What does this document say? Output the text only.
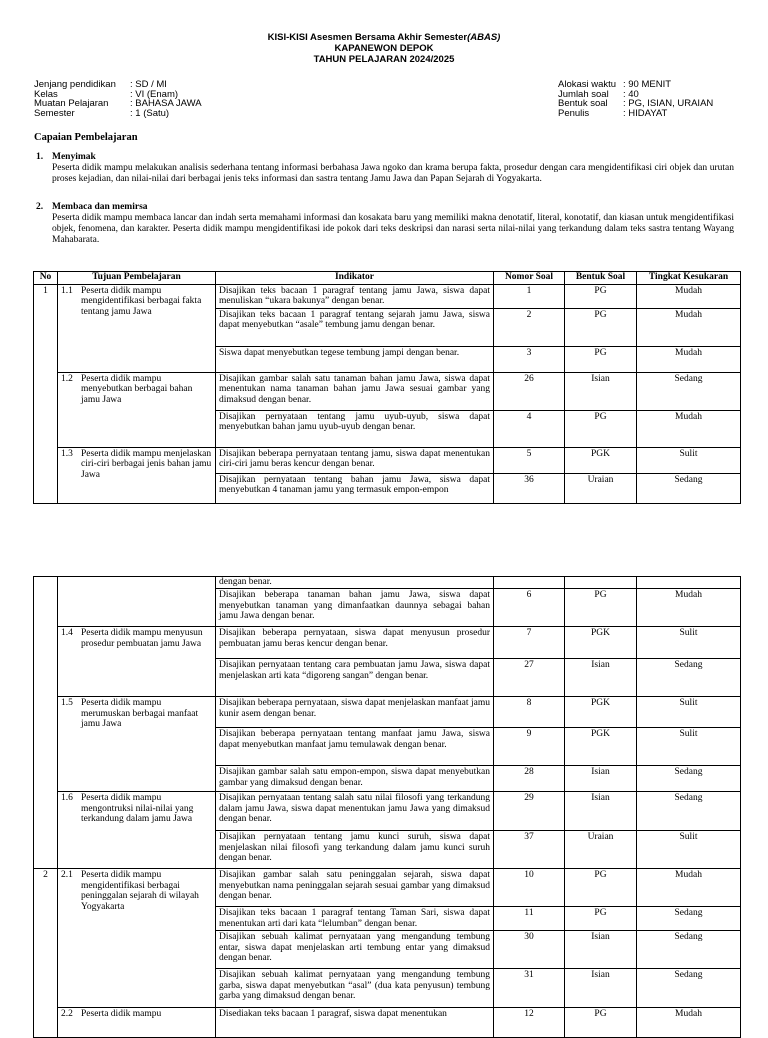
KISI-KISI Asesmen Bersama Akhir Semester(ABAS)
KAPANEWON DEPOK
TAHUN PELAJARAN 2024/2025
Jenjang pendidikan	: SD / MI
Kelas	: VI (Enam)
Muatan Pelajaran	: BAHASA JAWA
Semester	: 1 (Satu)
Alokasi waktu : 90 MENIT
Jumlah soal	: 40
Bentuk soal	: PG, ISIAN, URAIAN
Penulis	: HIDAYAT
Capaian Pembelajaran
1. Menyimak
Peserta didik mampu melakukan analisis sederhana tentang informasi berbahasa Jawa ngoko dan krama berupa fakta, prosedur dengan cara mengidentifikasi ciri objek dan urutan proses kejadian, dan nilai-nilai dari berbagai jenis teks informasi dan sastra tentang Jamu Jawa dan Papan Sejarah di Yogyakarta.
2. Membaca dan memirsa
Peserta didik mampu membaca lancar dan indah serta memahami informasi dan kosakata baru yang memiliki makna denotatif, literal, konotatif, dan kiasan untuk mengidentifikasi objek, fenomena, dan karakter. Peserta didik mampu mengidentifikasi ide pokok dari teks deskripsi dan narasi serta nilai-nilai yang terkandung dalam teks sastra tentang Wayang Mahabarata.
No	Tujuan Pembelajaran	Indikator	Nomor Soal	Bentuk Soal	Tingkat Kesukaran
1	1.1 Peserta didik mampu mengidentifikasi berbagai fakta tentang jamu Jawa	Disajikan teks bacaan 1 paragraf tentang jamu Jawa, siswa dapat menuliskan “ukara bakunya” dengan benar.	1	PG	Mudah
		Disajikan teks bacaan 1 paragraf tentang sejarah jamu Jawa, siswa dapat menyebutkan “asale” tembung jamu dengan benar.	2	PG	Mudah
		Siswa dapat menyebutkan tegese tembung jampi dengan benar.	3	PG	Mudah

	1.2 Peserta didik mampu menyebutkan berbagai bahan jamu Jawa	Disajikan gambar salah satu tanaman bahan jamu Jawa, siswa dapat menentukan nama tanaman bahan jamu Jawa sesuai gambar yang dimaksud dengan benar.	26	Isian	Sedang
		Disajikan pernyataan tentang jamu uyub-uyub, siswa dapat menyebutkan bahan jamu uyub-uyub dengan benar.	4	PG	Mudah

	1.3 Peserta didik mampu menjelaskan ciri-ciri berbagai jenis bahan jamu Jawa	Disajikan beberapa pernyataan tentang jamu, siswa dapat menentukan ciri-ciri jamu beras kencur dengan benar.	5	PGK	Sulit
		Disajikan pernyataan tentang bahan jamu Jawa, siswa dapat menyebutkan 4 tanaman jamu yang termasuk empon-empon	36	Uraian	Sedang
		dengan benar.			
		Disajikan beberapa tanaman bahan jamu Jawa, siswa dapat menyebutkan tanaman yang dimanfaatkan daunnya sebagai bahan jamu Jawa dengan benar.	6	PG	Mudah

	1.4 Peserta didik mampu menyusun prosedur pembuatan jamu Jawa	Disajikan beberapa pernyataan, siswa dapat menyusun prosedur pembuatan jamu beras kencur dengan benar.	7	PGK	Sulit
		Disajikan pernyataan tentang cara pembuatan jamu Jawa, siswa dapat menjelaskan arti kata “digoreng sangan” dengan benar.	27	Isian	Sedang

	1.5 Peserta didik mampu merumuskan berbagai manfaat jamu Jawa	Disajikan beberapa pernyataan, siswa dapat menjelaskan manfaat jamu kunir asem dengan benar.	8	PGK	Sulit
		Disajikan beberapa pernyataan tentang manfaat jamu Jawa, siswa dapat menyebutkan manfaat jamu temulawak dengan benar.	9	PGK	Sulit
		Disajikan gambar salah satu empon-empon, siswa dapat menyebutkan gambar yang dimaksud dengan benar.	28	Isian	Sedang

	1.6 Peserta didik mampu mengontruksi nilai-nilai yang terkandung dalam jamu Jawa	Disajikan pernyataan tentang salah satu nilai filosofi yang terkandung dalam jamu Jawa, siswa dapat menentukan jamu Jawa yang dimaksud dengan benar.	29	Isian	Sedang
		Disajikan pernyataan tentang jamu kunci suruh, siswa dapat menjelaskan nilai filosofi yang terkandung dalam jamu kunci suruh dengan benar.	37	Uraian	Sulit
2	2.1 Peserta didik mampu mengidentifikasi berbagai peninggalan sejarah di wilayah Yogyakarta	Disajikan gambar salah satu peninggalan sejarah, siswa dapat menyebutkan nama peninggalan sejarah sesuai gambar yang dimaksud dengan benar.	10	PG	Mudah
		Disajikan teks bacaan 1 paragraf tentang Taman Sari, siswa dapat menentukan arti dari kata “lelumban” dengan benar.	11	PG	Sedang
		Disajikan sebuah kalimat pernyataan yang mengandung tembung entar, siswa dapat menjelaskan arti tembung entar yang dimaksud dengan benar.	30	Isian	Sedang
		Disajikan sebuah kalimat pernyataan yang mengandung tembung garba, siswa dapat menyebutkan “asal” (dua kata penyusun) tembung garba yang dimaksud dengan benar.	31	Isian	Sedang

	2.2 Peserta didik mampu	Disediakan teks bacaan 1 paragraf, siswa dapat menentukan	12	PG	Mudah
